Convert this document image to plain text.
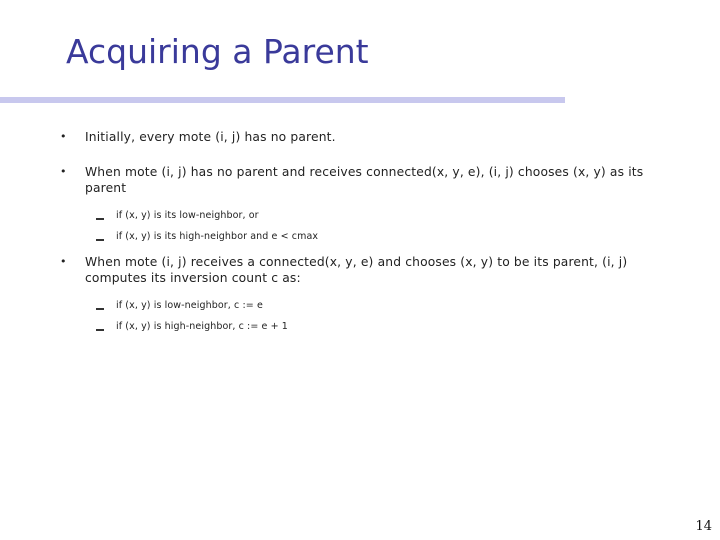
Acquiring a Parent
• Initially, every mote (i, j) has no parent.
• When mote (i, j) has no parent and receives connected(x, y, e), (i, j) chooses (x, y) as its parent
if (x, y) is its low-neighbor, or
if (x, y) is its high-neighbor and e < cmax
• When mote (i, j) receives a connected(x, y, e) and chooses (x, y) to be its parent, (i, j) computes its inversion count c as:
if (x, y) is low-neighbor, c := e
if (x, y) is high-neighbor, c := e + 1
14
